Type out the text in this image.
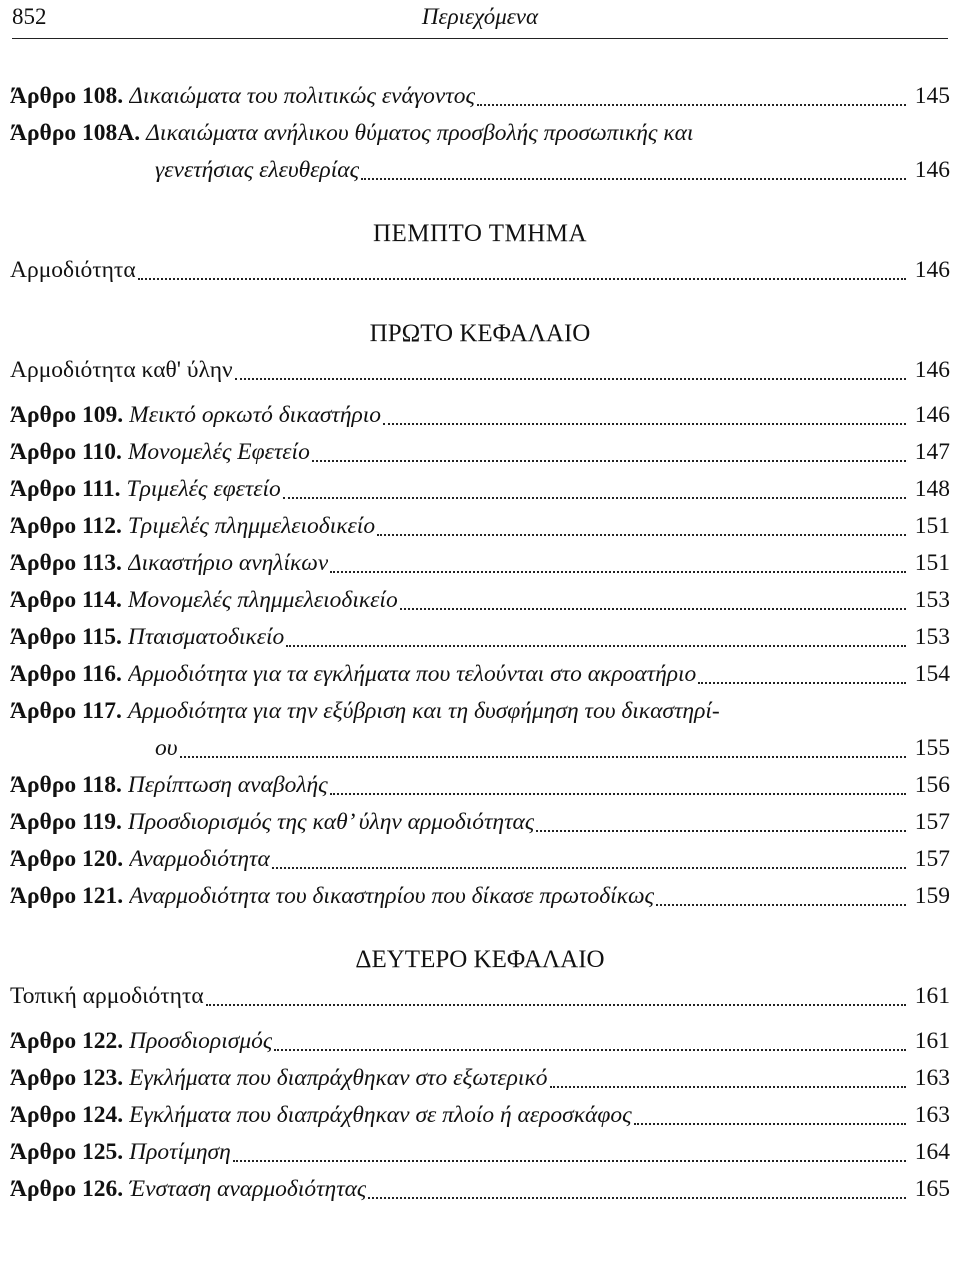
852	Περιεχόμενα
Άρθρο 108. Δικαιώματα του πολιτικώς ενάγοντος	145
Άρθρο 108Α. Δικαιώματα ανήλικου θύματος προσβολής προσωπικής και
γενετήσιας ελευθερίας	146
ΠΕΜΠΤΟ ΤΜΗΜΑ
Αρμοδιότητα	146
ΠΡΩΤΟ ΚΕΦΑΛΑΙΟ
Αρμοδιότητα καθ' ύλην	146
Άρθρο 109. Μεικτό ορκωτό δικαστήριο	146
Άρθρο 110. Μονομελές Εφετείο	147
Άρθρο 111. Τριμελές εφετείο	148
Άρθρο 112. Τριμελές πλημμελειοδικείο	151
Άρθρο 113. Δικαστήριο ανηλίκων	151
Άρθρο 114. Μονομελές πλημμελειοδικείο	153
Άρθρο 115. Πταισματοδικείο	153
Άρθρο 116. Αρμοδιότητα για τα εγκλήματα που τελούνται στο ακροατήριο	154
Άρθρο 117. Αρμοδιότητα για την εξύβριση και τη δυσφήμηση του δικαστηρί-
ου	155
Άρθρο 118. Περίπτωση αναβολής	156
Άρθρο 119. Προσδιορισμός της καθ’ ύλην αρμοδιότητας	157
Άρθρο 120. Αναρμοδιότητα	157
Άρθρο 121. Αναρμοδιότητα του δικαστηρίου που δίκασε πρωτοδίκως	159
ΔΕΥΤΕΡΟ ΚΕΦΑΛΑΙΟ
Τοπική αρμοδιότητα	161
Άρθρο 122. Προσδιορισμός	161
Άρθρο 123. Εγκλήματα που διαπράχθηκαν στο εξωτερικό	163
Άρθρο 124. Εγκλήματα που διαπράχθηκαν σε πλοίο ή αεροσκάφος	163
Άρθρο 125. Προτίμηση	164
Άρθρο 126. Ένσταση αναρμοδιότητας	165
